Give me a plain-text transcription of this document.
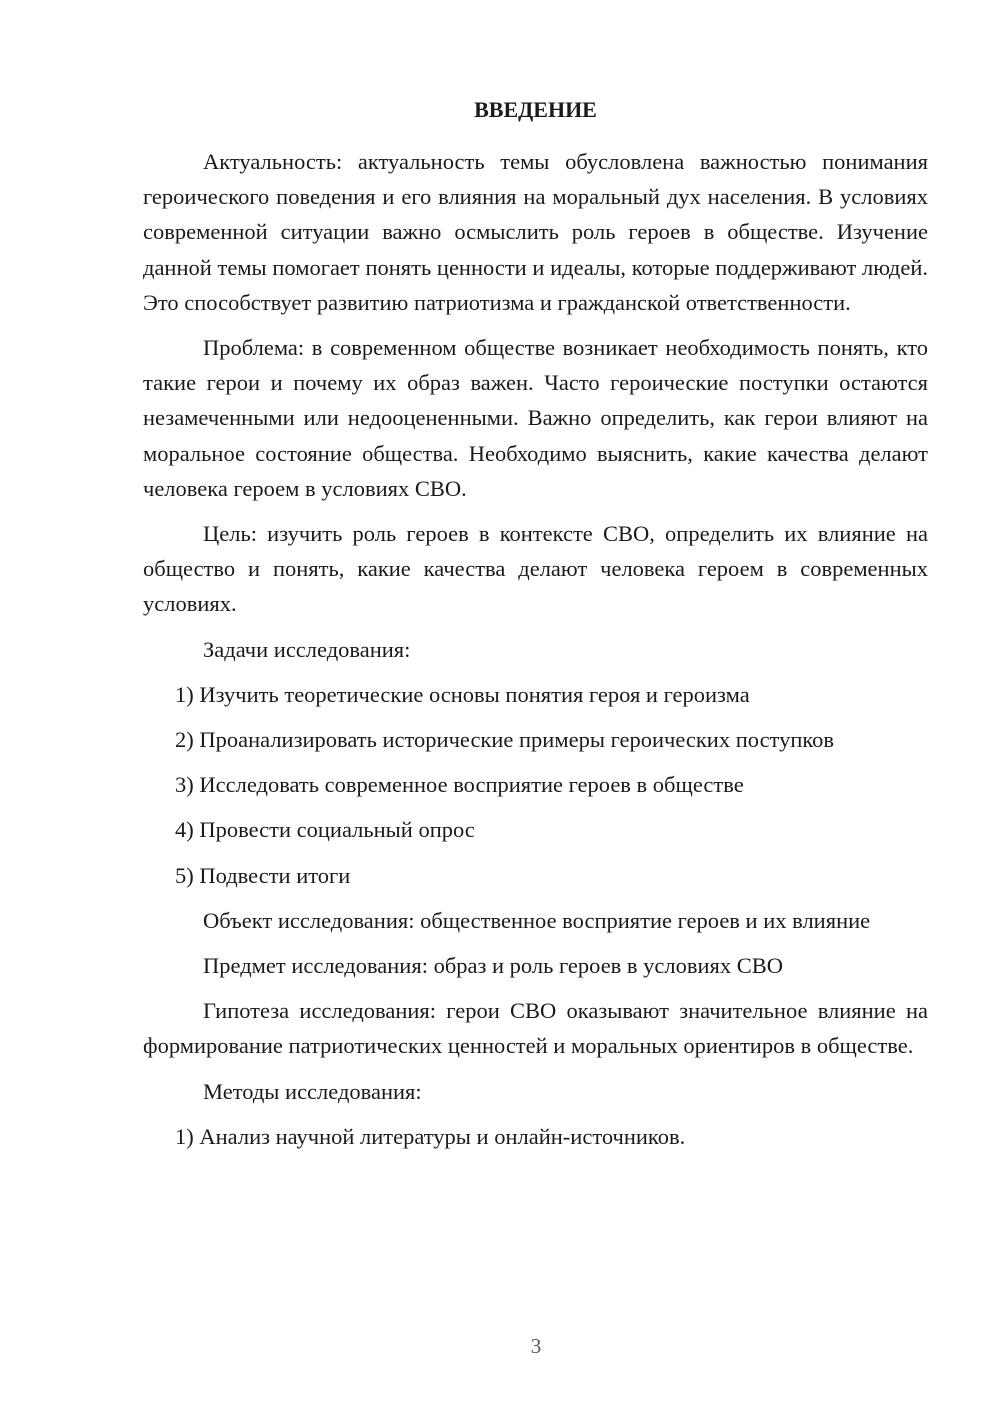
ВВЕДЕНИЕ

Актуальность: актуальность темы обусловлена важностью понимания героического поведения и его влияния на моральный дух населения. В условиях современной ситуации важно осмыслить роль героев в обществе. Изучение данной темы помогает понять ценности и идеалы, которые поддерживают людей. Это способствует развитию патриотизма и гражданской ответственности.

Проблема: в современном обществе возникает необходимость понять, кто такие герои и почему их образ важен. Часто героические поступки остаются незамеченными или недооцененными. Важно определить, как герои влияют на моральное состояние общества. Необходимо выяснить, какие качества делают человека героем в условиях СВО.

Цель: изучить роль героев в контексте СВО, определить их влияние на общество и понять, какие качества делают человека героем в современных условиях.

Задачи исследования:

1) Изучить теоретические основы понятия героя и героизма
2) Проанализировать исторические примеры героических поступков
3) Исследовать современное восприятие героев в обществе
4) Провести социальный опрос
5) Подвести итоги

Объект исследования: общественное восприятие героев и их влияние

Предмет исследования: образ и роль героев в условиях СВО

Гипотеза исследования: герои СВО оказывают значительное влияние на формирование патриотических ценностей и моральных ориентиров в обществе.

Методы исследования:

1) Анализ научной литературы и онлайн-источников.
3
